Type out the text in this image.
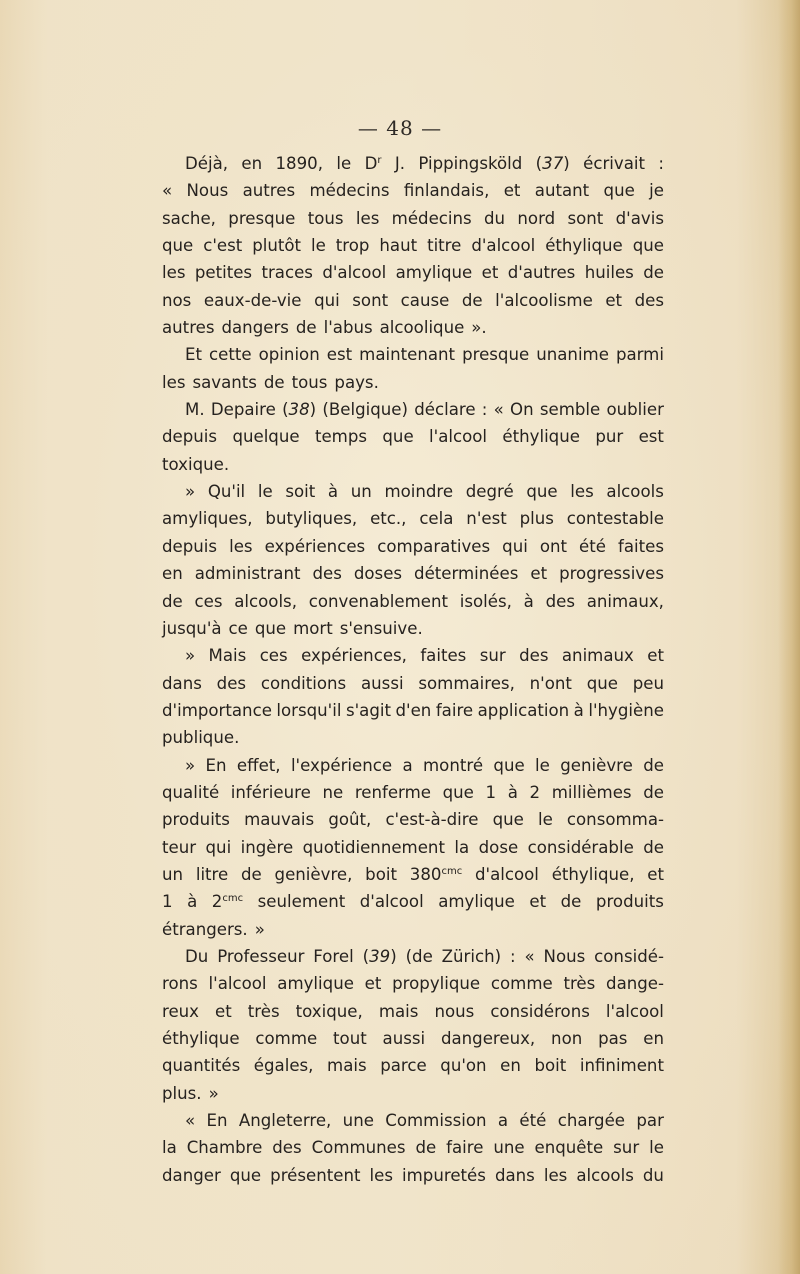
— 48 —
Déjà, en 1890, le $D^r$ J. Pippingsköld (37) écrivait :
« Nous autres médecins finlandais, et autant que je
sache, presque tous les médecins du nord sont d'avis
que c'est plutôt le trop haut titre d'alcool éthylique que
les petites traces d'alcool amylique et d'autres huiles de
nos eaux-de-vie qui sont cause de l'alcoolisme et des
autres dangers de l'abus alcoolique ».
Et cette opinion est maintenant presque unanime parmi
les savants de tous pays.
M. Depaire (38) (Belgique) déclare : « On semble oublier
depuis quelque temps que l'alcool éthylique pur est
toxique.
» Qu'il le soit à un moindre degré que les alcools
amyliques, butyliques, etc., cela n'est plus contestable
depuis les expériences comparatives qui ont été faites
en administrant des doses déterminées et progressives
de ces alcools, convenablement isolés, à des animaux,
jusqu'à ce que mort s'ensuive.
» Mais ces expériences, faites sur des animaux et
dans des conditions aussi sommaires, n'ont que peu
d'importance lorsqu'il s'agit d'en faire application à l'hygiène
publique.
» En effet, l'expérience a montré que le genièvre de
qualité inférieure ne renferme que 1 à 2 millièmes de
produits mauvais goût, c'est-à-dire que le consomma-
teur qui ingère quotidiennement la dose considérable de
un litre de genièvre, boit $380^{cmc}$ d'alcool éthylique, et
1 à $2^{cmc}$ seulement d'alcool amylique et de produits
étrangers. »
Du Professeur Forel (39) (de Zürich) : « Nous considé-
rons l'alcool amylique et propylique comme très dange-
reux et très toxique, mais nous considérons l'alcool
éthylique comme tout aussi dangereux, non pas en
quantités égales, mais parce qu'on en boit infiniment
plus. »
« En Angleterre, une Commission a été chargée par
la Chambre des Communes de faire une enquête sur le
danger que présentent les impuretés dans les alcools du
